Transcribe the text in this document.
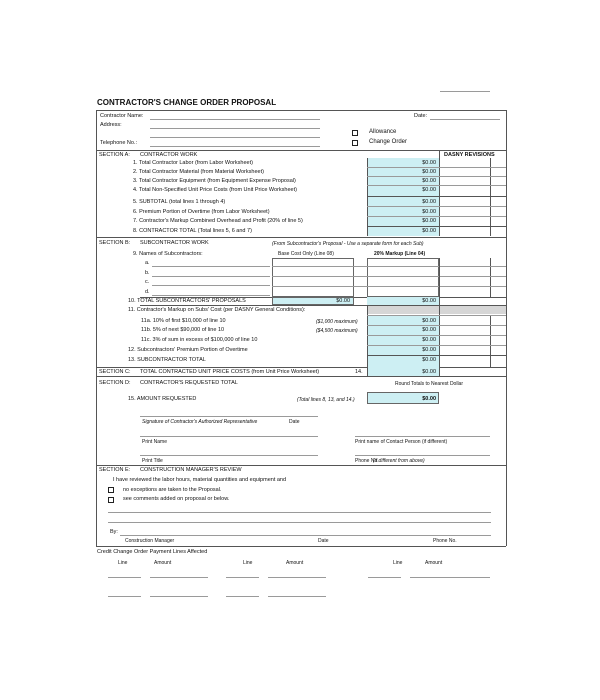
CONTRACTOR'S CHANGE ORDER PROPOSAL
Contractor Name:	Date:
Address:
Allowance
Change Order
Telephone No.:
SECTION A: CONTRACTOR WORK	DASNY REVISIONS
1. Total Contractor Labor (from Labor Worksheet)	$0.00
2. Total Contractor Material (from Material Worksheet)	$0.00
3. Total Contractor Equipment (from Equipment Expense Proposal)	$0.00
4. Total Non-Specified Unit Price Costs (from Unit Price Worksheet)	$0.00
5. SUBTOTAL (total lines 1 through 4)	$0.00
6. Premium Portion of Overtime (from Labor Worksheet)	$0.00
7. Contractor's Markup Combined Overhead and Profit (20% of line 5)	$0.00
8. CONTRACTOR TOTAL (Total lines 5, 6 and 7)	$0.00
SECTION B: SUBCONTRACTOR WORK	(From Subcontractor's Proposal - Use a separate form for each Sub)
9. Names of Subcontractors:	Base Cost Only (Line 08)	20% Markup (Line 04)
a.
b.
c.
d.
10. TOTAL SUBCONTRACTORS' PROPOSALS	$0.00	$0.00
11. Contractor's Markup on Subs' Cost (per DASNY General Conditions):
11a. 10% of first $10,000 of line 10	($1,000 maximum)	$0.00
11b. 5% of next $90,000 of line 10	($4,500 maximum)	$0.00
11c. 3% of sum in excess of $100,000 of line 10	$0.00
12. Subcontractors' Premium Portion of Overtime	$0.00
13. SUBCONTRACTOR TOTAL	$0.00
SECTION C: TOTAL CONTRACTED UNIT PRICE COSTS (from Unit Price Worksheet)	14.	$0.00
SECTION D: CONTRACTOR'S REQUESTED TOTAL	Round Totals to Nearest Dollar
15. AMOUNT REQUESTED	(Total lines 8, 13, and 14.)	$0.00
Signature of Contractor's Authorized Representative	Date
Print Name	Print name of Contact Person (if different)
Print Title	Phone No.
(if different from above)
SECTION E: CONSTRUCTION MANAGER'S REVIEW
I have reviewed the labor hours, material quantities and equipment and
no exceptions are taken to the Proposal.
see comments added on proposal or below.
By:
Construction Manager	Date	Phone No.
Credit Change Order Payment Lines Affected
Line	Amount	Line	Amount	Line	Amount
